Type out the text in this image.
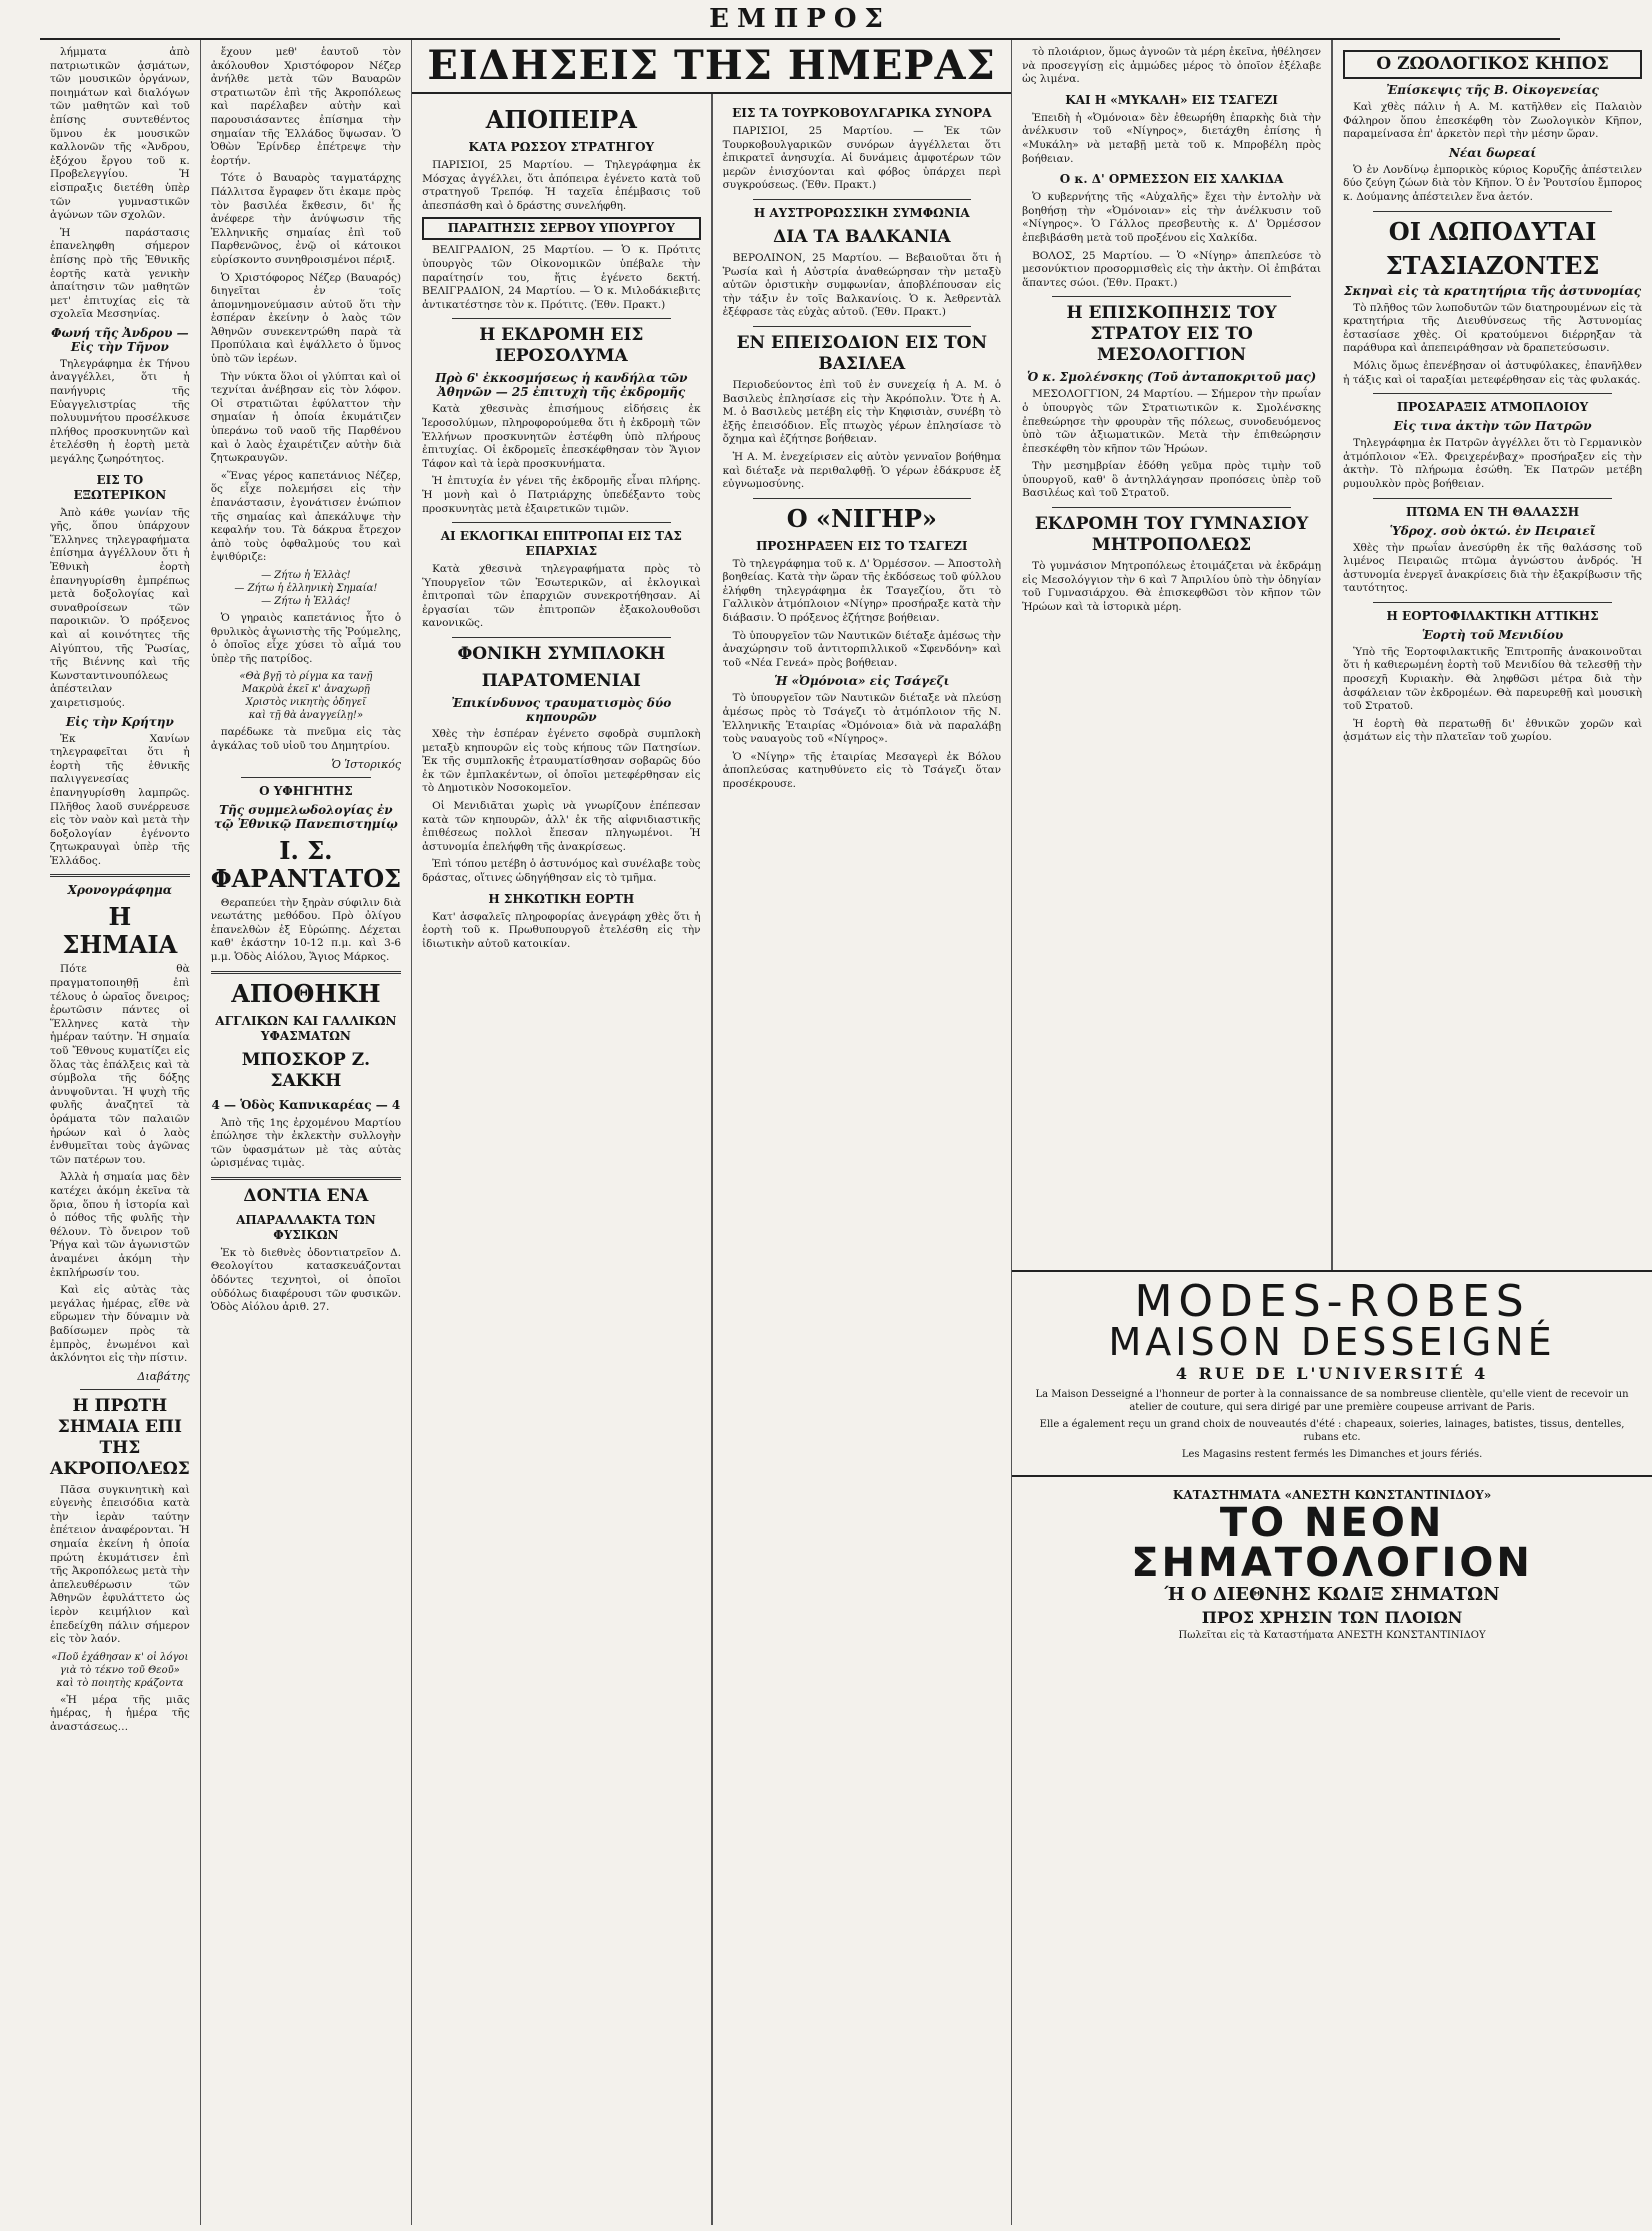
ΕΜΠΡΟΣ

λήμματα ἀπὸ πατριωτικῶν ᾀσμάτων, τῶν μουσικῶν ὀργάνων, ποιημάτων καὶ διαλόγων τῶν μαθητῶν καὶ τοῦ ἐπίσης συντεθέντος ὕμνου ἐκ μουσικῶν καλλονῶν τῆς «Ἀνδρου, ἐξόχου ἔργου τοῦ κ. Προβελεγγίου. Ἡ εἰσπραξις διετέθη ὑπὲρ τῶν γυμναστικῶν ἀγώνων τῶν σχολῶν.

Ἡ παράστασις ἐπανεληφθη σήμερον ἐπίσης πρὸ τῆς Ἐθνικῆς ἑορτῆς κατὰ γενικὴν ἀπαίτησιν τῶν μαθητῶν μετ' ἐπιτυχίας εἰς τὰ σχολεῖα Μεσσηνίας.

Φωνή τῆς Ἀνδρου — Εἰς τὴν Τῆνον

Τηλεγράφημα ἐκ Τήνου ἀναγγέλλει, ὅτι ἡ πανήγυρις τῆς Εὐαγγελιστρίας τῆς πολυυμνήτου προσέλκυσε πλήθος προσκυνητῶν καὶ ἐτελέσθη ἡ ἑορτὴ μετὰ μεγάλης ζωηρότητος.

ΕΙΣ ΤΟ ΕΞΩΤΕΡΙΚΟΝ

Ἀπὸ κάθε γωνίαν τῆς γῆς, ὅπου ὑπάρχουν Ἕλληνες τηλεγραφήματα ἐπίσημα ἀγγέλλουν ὅτι ἡ Ἐθνικὴ ἑορτὴ ἐπανηγυρίσθη ἐμπρέπως μετὰ δοξολογίας καὶ συναθροίσεων τῶν παροικιῶν. Ὁ πρόξενος καὶ αἱ κοινότητες τῆς Αἰγύπτου, τῆς Ῥωσίας, τῆς Βιέννης καὶ τῆς Κωνσταντινουπόλεως ἀπέστειλαν χαιρετισμούς.

Εἰς τὴν Κρήτην

Ἐκ Χανίων τηλεγραφεῖται ὅτι ἡ ἑορτὴ τῆς ἑθνικῆς παλιγγενεσίας ἐπανηγυρίσθη λαμπρῶς. Πλῆθος λαοῦ συνέρρευσε εἰς τὸν ναὸν καὶ μετὰ τὴν δοξολογίαν ἐγένοντο ζητωκραυγαὶ ὑπὲρ τῆς Ἑλλάδος.

Χρονογράφημα
Η ΣΗΜΑΙΑ

Πότε θὰ πραγματοποιηθῇ ἐπὶ τέλους ὁ ὡραῖος ὄνειρος; ἐρωτῶσιν πάντες οἱ Ἕλληνες κατὰ τὴν ἡμέραν ταύτην. Ἡ σημαία τοῦ Ἔθνους κυματίζει εἰς ὅλας τὰς ἐπάλξεις καὶ τὰ σύμβολα τῆς δόξης ἀνυψοῦνται. Ἡ ψυχὴ τῆς φυλῆς ἀναζητεῖ τὰ ὁράματα τῶν παλαιῶν ἡρώων καὶ ὁ λαὸς ἐνθυμεῖται τοὺς ἀγῶνας τῶν πατέρων του.

Ἀλλὰ ἡ σημαία μας δὲν κατέχει ἀκόμη ἐκεῖνα τὰ ὅρια, ὅπου ἡ ἱστορία καὶ ὁ πόθος τῆς φυλῆς τὴν θέλουν. Τὸ ὄνειρον τοῦ Ῥήγα καὶ τῶν ἀγωνιστῶν ἀναμένει ἀκόμη τὴν ἐκπλήρωσίν του.

Καὶ εἰς αὐτὰς τὰς μεγάλας ἡμέρας, εἴθε νὰ εὕρωμεν τὴν δύναμιν νὰ βαδίσωμεν πρὸς τὰ ἐμπρὸς, ἐνωμένοι καὶ ἀκλόνητοι εἰς τὴν πίστιν.

Διαβάτης
Η ΠΡΩΤΗ ΣΗΜΑΙΑ ΕΠΙ ΤΗΣ ΑΚΡΟΠΟΛΕΩΣ

Πᾶσα συγκινητικὴ καὶ εὐγενὴς ἐπεισόδια κατὰ τὴν ἱερὰν ταύτην ἐπέτειον ἀναφέρονται. Ἡ σημαία ἐκείνη ἡ ὁποία πρώτη ἐκυμάτισεν ἐπὶ τῆς Ἀκροπόλεως μετὰ τὴν ἀπελευθέρωσιν τῶν Ἀθηνῶν ἐφυλάττετο ὡς ἱερὸν κειμήλιον καὶ ἐπεδείχθη πάλιν σήμερον εἰς τὸν λαόν.

«Ποῦ ἐχάθησαν κ' οἱ λόγοι γιὰ τὸ τέκνο τοῦ Θεοῦ» καὶ τὸ ποιητὴς κράζοντα

«Ἡ μέρα τῆς μιᾶς ἡμέρας, ἡ ἡμέρα τῆς ἀναστάσεως…

ἔχουν μεθ' ἑαυτοῦ τὸν ἀκόλουθον Χριστόφορον Νέζερ ἀνήλθε μετὰ τῶν Βαυαρῶν στρατιωτῶν ἐπὶ τῆς Ἀκροπόλεως καὶ παρέλαβεν αὐτὴν καὶ παρουσιάσαντες ἐπίσημα τὴν σημαίαν τῆς Ἑλλάδος ὕψωσαν. Ὁ Ὀθὼν Ἐρίνδερ ἐπέτρεψε τὴν ἑορτήν.

Τότε ὁ Βαυαρὸς ταγματάρχης Πάλλιτσα ἔγραφεν ὅτι ἐκαμε πρὸς τὸν βασιλέα ἔκθεσιν, δι' ἧς ἀνέφερε τὴν ἀνύψωσιν τῆς Ἑλληνικῆς σημαίας ἐπὶ τοῦ Παρθενῶνος, ἐνῷ οἱ κάτοικοι εὑρίσκοντο συνηθροισμένοι πέριξ.

Ὁ Χριστόφορος Νέζερ (Βαυαρός) διηγεῖται ἐν τοῖς ἀπομνημονεύμασιν αὐτοῦ ὅτι τὴν ἑσπέραν ἐκείνην ὁ λαὸς τῶν Ἀθηνῶν συνεκεντρώθη παρὰ τὰ Προπύλαια καὶ ἐψάλλετο ὁ ὕμνος ὑπὸ τῶν ἱερέων.

Τὴν νύκτα ὅλοι οἱ γλύπται καὶ οἱ τεχνίται ἀνέβησαν εἰς τὸν λόφον. Οἱ στρατιῶται ἐφύλαττον τὴν σημαίαν ἡ ὁποία ἐκυμάτιζεν ὑπεράνω τοῦ ναοῦ τῆς Παρθένου καὶ ὁ λαὸς ἐχαιρέτιζεν αὐτὴν διὰ ζητωκραυγῶν.

«Ἕνας γέρος καπετάνιος Νέζερ, ὅς εἶχε πολεμήσει εἰς τὴν ἐπανάστασιν, ἐγονάτισεν ἐνώπιον τῆς σημαίας καὶ ἀπεκάλυψε τὴν κεφαλήν του. Τὰ δάκρυα ἔτρεχον ἀπὸ τοὺς ὀφθαλμούς του καὶ ἐψιθύριζε:

— Ζήτω ἡ Ἑλλὰς!
— Ζήτω ἡ ἑλληνικὴ Σημαία!
— Ζήτω ἡ Ἑλλάς!

Ὁ γηραιὸς καπετάνιος ἦτο ὁ θρυλικὸς ἀγωνιστὴς τῆς Ῥούμελης, ὁ ὁποῖος εἶχε χύσει τὸ αἷμά του ὑπὲρ τῆς πατρίδος.

«Θὰ βγῇ τὸ ρίγμα κα τανῇ
Μακρὺὰ ἐκεῖ κ' ἀναχωρῇ
Χριστὸς νικητὴς ὁδηγεῖ
καὶ τῇ θὰ ἀναγγείλῃ!»

παρέδωκε τὰ πνεῦμα εἰς τὰς ἀγκάλας τοῦ υἱοῦ του Δημητρίου.

Ὁ Ἱστορικός
Ο ΥΦΗΓΗΤΗΣ
Τῆς συμμελωδολογίας ἐν τῷ Ἐθνικῷ Πανεπιστημίῳ
Ι. Σ. ΦΑΡΑΝΤΑΤΟΣ

Θεραπεύει τὴν ξηρὰν σύφιλιν διὰ νεωτάτης μεθόδου. Πρὸ ὀλίγου ἐπανελθὼν ἐξ Εὐρώπης. Δέχεται καθ' ἑκάστην 10-12 π.μ. καὶ 3-6 μ.μ. Ὁδὸς Αἰόλου, Ἅγιος Μάρκος.

ΑΠΟΘΗΚΗ
ΑΓΓΛΙΚΩΝ ΚΑΙ ΓΑΛΛΙΚΩΝ ΥΦΑΣΜΑΤΩΝ
ΜΠΟΣΚΟΡ Ζ. ΣΑΚΚΗ
4 — Ὁδὸς Καπνικαρέας — 4

Ἀπὸ τῆς 1ης ἐρχομένου Μαρτίου ἐπώλησε τὴν ἐκλεκτὴν συλλογὴν τῶν ὑφασμάτων μὲ τὰς αὐτὰς ὡρισμένας τιμὰς.

ΔΟΝΤΙΑ ΕΝΑ
ΑΠΑΡΑΛΛΑΚΤΑ ΤΩΝ ΦΥΣΙΚΩΝ

Ἐκ τὸ διεθνὲς ὀδοντιατρεῖον Δ. Θεολογίτου κατασκευάζονται ὀδόντες τεχνητοὶ, οἱ ὁποῖοι οὐδόλως διαφέρουσι τῶν φυσικῶν. Ὁδὸς Αἰόλου ἀριθ. 27.

ΕΙΔΗΣΕΙΣ ΤΗΣ ΗΜΕΡΑΣ
ΑΠΟΠΕΙΡΑ
ΚΑΤΑ ΡΩΣΣΟΥ ΣΤΡΑΤΗΓΟΥ

ΠΑΡΙΣΙΟΙ, 25 Μαρτίου. — Τηλεγράφημα ἐκ Μόσχας ἀγγέλλει, ὅτι ἀπόπειρα ἐγένετο κατὰ τοῦ στρατηγοῦ Τρεπόφ. Ἡ ταχεῖα ἐπέμβασις τοῦ ἀπεσπάσθη καὶ ὁ δράστης συνελήφθη.

ΠΑΡΑΙΤΗΣΙΣ ΣΕΡΒΟΥ ΥΠΟΥΡΓΟΥ

ΒΕΛΙΓΡΑΔΙΟΝ, 25 Μαρτίου. — Ὁ κ. Πρότιτς ὑπουργὸς τῶν Οἰκονομικῶν ὑπέβαλε τὴν παραίτησίν του, ἥτις ἐγένετο δεκτή. ΒΕΛΙΓΡΑΔΙΟΝ, 24 Μαρτίου. — Ὁ κ. Μιλοδάκιεβιτς ἀντικατέστησε τὸν κ. Πρότιτς. (Ἐθν. Πρακτ.)

Η ΕΚΔΡΟΜΗ ΕΙΣ ΙΕΡΟΣΟΛΥΜΑ
Πρὸ 6' ἐκκοσμήσεως ἡ κανδήλα τῶν Ἀθηνῶν — 25 ἐπιτυχὴ τῆς ἐκδρομῆς

Κατὰ χθεσινὰς ἐπισήμους εἰδήσεις ἐκ Ἱεροσολύμων, πληροφορούμεθα ὅτι ἡ ἐκδρομὴ τῶν Ἑλλήνων προσκυνητῶν ἐστέφθη ὑπὸ πλήρους ἐπιτυχίας. Οἱ ἐκδρομεῖς ἐπεσκέφθησαν τὸν Ἅγιον Τάφον καὶ τὰ ἱερὰ προσκυνήματα.

Ἡ ἐπιτυχία ἐν γένει τῆς ἐκδρομῆς εἶναι πλήρης. Ἡ μονὴ καὶ ὁ Πατριάρχης ὑπεδέξαντο τοὺς προσκυνητὰς μετὰ ἐξαιρετικῶν τιμῶν.

ΑΙ ΕΚΛΟΓΙΚΑΙ ΕΠΙΤΡΟΠΑΙ ΕΙΣ ΤΑΣ ΕΠΑΡΧΙΑΣ

Κατὰ χθεσινὰ τηλεγραφήματα πρὸς τὸ Ὑπουργεῖον τῶν Ἐσωτερικῶν, αἱ ἐκλογικαὶ ἐπιτροπαὶ τῶν ἐπαρχιῶν συνεκροτήθησαν. Αἱ ἐργασίαι τῶν ἐπιτροπῶν ἐξακολουθοῦσι κανονικῶς.

ΦΟΝΙΚΗ ΣΥΜΠΛΟΚΗ
ΠΑΡΑΤΟΜΕΝΙΑΙ
Ἐπικίνδυνος τραυματισμὸς δύο κηπουρῶν

Χθὲς τὴν ἑσπέραν ἐγένετο σφοδρὰ συμπλοκὴ μεταξὺ κηπουρῶν εἰς τοὺς κήπους τῶν Πατησίων. Ἐκ τῆς συμπλοκῆς ἐτραυματίσθησαν σοβαρῶς δύο ἐκ τῶν ἐμπλακέντων, οἱ ὁποῖοι μετεφέρθησαν εἰς τὸ Δημοτικὸν Νοσοκομεῖον.

Οἱ Μενιδιᾶται χωρὶς νὰ γνωρίζουν ἐπέπεσαν κατὰ τῶν κηπουρῶν, ἀλλ' ἐκ τῆς αἰφνιδιαστικῆς ἐπιθέσεως πολλοὶ ἔπεσαν πληγωμένοι. Ἡ ἀστυνομία ἐπελήφθη τῆς ἀνακρίσεως.

Ἐπὶ τόπου μετέβη ὁ ἀστυνόμος καὶ συνέλαβε τοὺς δράστας, οἵτινες ὡδηγήθησαν εἰς τὸ τμῆμα.

Η ΣΗΚΩΤΙΚΗ ΕΟΡΤΗ

Κατ' ἀσφαλεῖς πληροφορίας ἀνεγράφη χθὲς ὅτι ἡ ἑορτὴ τοῦ κ. Πρωθυπουργοῦ ἐτελέσθη εἰς τὴν ἰδιωτικὴν αὐτοῦ κατοικίαν.

ΕΙΣ ΤΑ ΤΟΥΡΚΟΒΟΥΛΓΑΡΙΚΑ ΣΥΝΟΡΑ

ΠΑΡΙΣΙΟΙ, 25 Μαρτίου. — Ἐκ τῶν Τουρκοβουλγαρικῶν συνόρων ἀγγέλλεται ὅτι ἐπικρατεῖ ἀνησυχία. Αἱ δυνάμεις ἀμφοτέρων τῶν μερῶν ἐνισχύονται καὶ φόβος ὑπάρχει περὶ συγκρούσεως. (Ἐθν. Πρακτ.)

Η ΑΥΣΤΡΟΡΩΣΣΙΚΗ ΣΥΜΦΩΝΙΑ
ΔΙΑ ΤΑ ΒΑΛΚΑΝΙΑ

ΒΕΡΟΛΙΝΟΝ, 25 Μαρτίου. — Βεβαιοῦται ὅτι ἡ Ῥωσία καὶ ἡ Αὐστρία ἀναθεώρησαν τὴν μεταξὺ αὐτῶν ὁριστικὴν συμφωνίαν, ἀποβλέπουσαν εἰς τὴν τάξιν ἐν τοῖς Βαλκανίοις. Ὁ κ. Ἀεθρεντὰλ ἐξέφρασε τὰς εὐχὰς αὐτοῦ. (Ἐθν. Πρακτ.)

ΕΝ ΕΠΕΙΣΟΔΙΟΝ ΕΙΣ ΤΟΝ ΒΑΣΙΛΕΑ

Περιοδεύοντος ἐπὶ τοῦ ἐν συνεχείᾳ ἡ Α. Μ. ὁ Βασιλεὺς ἐπλησίασε εἰς τὴν Ἀκρόπολιν. Ὅτε ἡ Α. Μ. ὁ Βασιλεὺς μετέβη εἰς τὴν Κηφισιὰν, συνέβη τὸ ἐξῆς ἐπεισόδιον. Εἷς πτωχὸς γέρων ἐπλησίασε τὸ ὄχημα καὶ ἐζήτησε βοήθειαν.

Ἡ Α. Μ. ἐνεχείρισεν εἰς αὐτὸν γενναῖον βοήθημα καὶ διέταξε νὰ περιθαλφθῇ. Ὁ γέρων ἐδάκρυσε ἐξ εὐγνωμοσύνης.

Ο «ΝΙΓΗΡ»
ΠΡΟΣΗΡΑΞΕΝ ΕΙΣ ΤΟ ΤΣΑΓΕΖΙ

Τὸ τηλεγράφημα τοῦ κ. Δ' Ὀρμέσσον. — Ἀποστολὴ βοηθείας. Κατὰ τὴν ὥραν τῆς ἐκδόσεως τοῦ φύλλου ἐλήφθη τηλεγράφημα ἐκ Τσαγεζίου, ὅτι τὸ Γαλλικὸν ἀτμόπλοιον «Νίγηρ» προσήραξε κατὰ τὴν διάβασιν. Ὁ πρόξενος ἐζήτησε βοήθειαν.

Τὸ ὑπουργεῖον τῶν Ναυτικῶν διέταξε ἀμέσως τὴν ἀναχώρησιν τοῦ ἀντιτορπιλλικοῦ «Σφενδόνη» καὶ τοῦ «Νέα Γενεά» πρὸς βοήθειαν.

Ἡ «Ὀμόνοια» εἰς Τσάγεζι

Τὸ ὑπουργεῖον τῶν Ναυτικῶν διέταξε νὰ πλεύσῃ ἀμέσως πρὸς τὸ Τσάγεζι τὸ ἀτμόπλοιον τῆς Ν. Ἑλληνικῆς Ἑταιρίας «Ὀμόνοια» διὰ νὰ παραλάβῃ τοὺς ναυαγοὺς τοῦ «Νίγηρος».

Ὁ «Νίγηρ» τῆς ἑταιρίας Μεσαγερὶ ἐκ Βόλου ἀποπλεύσας κατηυθύνετο εἰς τὸ Τσάγεζι ὅταν προσέκρουσε.

τὸ πλοιάριον, ὅμως ἀγνοῶν τὰ μέρη ἐκεῖνα, ἠθέλησεν νὰ προσεγγίσῃ εἰς ἀμμώδες μέρος τὸ ὁποῖον ἐξέλαβε ὡς λιμένα.

ΚΑΙ Η «ΜΥΚΑΛΗ» ΕΙΣ ΤΣΑΓΕΖΙ

Ἐπειδὴ ἡ «Ὀμόνοια» δὲν ἐθεωρήθη ἐπαρκὴς διὰ τὴν ἀνέλκυσιν τοῦ «Νίγηρος», διετάχθη ἐπίσης ἡ «Μυκάλη» νὰ μεταβῇ μετὰ τοῦ κ. Μπροβέλη πρὸς βοήθειαν.

Ο κ. Δ' ΟΡΜΕΣΣΟΝ ΕΙΣ ΧΑΛΚΙΔΑ

Ὁ κυβερνήτης τῆς «Αὐχαλῆς» ἔχει τὴν ἐντολὴν νὰ βοηθήσῃ τὴν «Ὀμόνοιαν» εἰς τὴν ἀνέλκυσιν τοῦ «Νίγηρος». Ὁ Γάλλος πρεσβευτὴς κ. Δ' Ὀρμέσσον ἐπεβιβάσθη μετὰ τοῦ προξένου εἰς Χαλκίδα.

ΒΟΛΟΣ, 25 Μαρτίου. — Ὁ «Νίγηρ» ἀπεπλεύσε τὸ μεσονύκτιον προσορμισθεὶς εἰς τὴν ἀκτὴν. Οἱ ἐπιβάται ἅπαντες σώοι. (Ἐθν. Πρακτ.)

Η ΕΠΙΣΚΟΠΗΣΙΣ ΤΟΥ ΣΤΡΑΤΟΥ ΕΙΣ ΤΟ ΜΕΣΟΛΟΓΓΙΟΝ
Ὁ κ. Σμολένσκης (Τοῦ ἀνταποκριτοῦ μας)

ΜΕΣΟΛΟΓΓΙΟΝ, 24 Μαρτίου. — Σήμερον τὴν πρωΐαν ὁ ὑπουργὸς τῶν Στρατιωτικῶν κ. Σμολένσκης ἐπεθεώρησε τὴν φρουρὰν τῆς πόλεως, συνοδευόμενος ὑπὸ τῶν ἀξιωματικῶν. Μετὰ τὴν ἐπιθεώρησιν ἐπεσκέφθη τὸν κῆπον τῶν Ἡρώων.

Τὴν μεσημβρίαν ἐδόθη γεῦμα πρὸς τιμὴν τοῦ ὑπουργοῦ, καθ' ὃ ἀντηλλάγησαν προπόσεις ὑπὲρ τοῦ Βασιλέως καὶ τοῦ Στρατοῦ.

ΕΚΔΡΟΜΗ ΤΟΥ ΓΥΜΝΑΣΙΟΥ ΜΗΤΡΟΠΟΛΕΩΣ

Τὸ γυμνάσιον Μητροπόλεως ἐτοιμάζεται νὰ ἐκδράμῃ εἰς Μεσολόγγιον τὴν 6 καὶ 7 Ἀπριλίου ὑπὸ τὴν ὁδηγίαν τοῦ Γυμνασιάρχου. Θὰ ἐπισκεφθῶσι τὸν κῆπον τῶν Ἡρώων καὶ τὰ ἱστορικὰ μέρη.

Ο ΖΩΟΛΟΓΙΚΟΣ ΚΗΠΟΣ
Ἐπίσκεψις τῆς Β. Οἰκογενείας

Καὶ χθὲς πάλιν ἡ Α. Μ. κατῆλθεν εἰς Παλαιὸν Φάληρον ὅπου ἐπεσκέφθη τὸν Ζωολογικὸν Κῆπον, παραμείνασα ἐπ' ἀρκετὸν περὶ τὴν μέσην ὥραν.

Νέαι δωρεαί

Ὁ ἐν Λονδίνῳ ἐμπορικὸς κύριος Κορυζῆς ἀπέστειλεν δύο ζεύγη ζώων διὰ τὸν Κῆπον. Ὁ ἐν Ῥουτσίου ἔμπορος κ. Δούμανης ἀπέστειλεν ἕνα ἀετόν.

ΟΙ ΛΩΠΟΔΥΤΑΙ
ΣΤΑΣΙΑΖΟΝΤΕΣ
Σκηναὶ εἰς τὰ κρατητήρια τῆς ἀστυνομίας

Τὸ πλῆθος τῶν λωποδυτῶν τῶν διατηρουμένων εἰς τὰ κρατητήρια τῆς Διευθύνσεως τῆς Ἀστυνομίας ἐστασίασε χθὲς. Οἱ κρατούμενοι διέρρηξαν τὰ παράθυρα καὶ ἀπεπειράθησαν νὰ δραπετεύσωσιν.

Μόλις ὅμως ἐπενέβησαν οἱ ἀστυφύλακες, ἐπανῆλθεν ἡ τάξις καὶ οἱ ταραξίαι μετεφέρθησαν εἰς τὰς φυλακάς.

ΠΡΟΣΑΡΑΞΙΣ ΑΤΜΟΠΛΟΙΟΥ
Εἰς τινα ἀκτὴν τῶν Πατρῶν

Τηλεγράφημα ἐκ Πατρῶν ἀγγέλλει ὅτι τὸ Γερμανικὸν ἀτμόπλοιον «Ἐλ. Φρειχερένβαχ» προσήραξεν εἰς τὴν ἀκτὴν. Τὸ πλήρωμα ἐσώθη. Ἐκ Πατρῶν μετέβη ρυμουλκὸν πρὸς βοήθειαν.

ΠΤΩΜΑ ΕΝ ΤΗ ΘΑΛΑΣΣΗ
Ὑδροχ. σοὺ ὀκτώ. ἐν Πειραιεῖ

Χθὲς τὴν πρωΐαν ἀνεσύρθη ἐκ τῆς θαλάσσης τοῦ λιμένος Πειραιῶς πτῶμα ἀγνώστου ἀνδρός. Ἡ ἀστυνομία ἐνεργεῖ ἀνακρίσεις διὰ τὴν ἐξακρίβωσιν τῆς ταυτότητος.

Η ΕΟΡΤΟΦΙΛΑΚΤΙΚΗ ΑΤΤΙΚΗΣ
Ἑορτὴ τοῦ Μενιδίου

Ὑπὸ τῆς Ἑορτοφιλακτικῆς Ἐπιτροπῆς ἀνακοινοῦται ὅτι ἡ καθιερωμένη ἑορτὴ τοῦ Μενιδίου θὰ τελεσθῇ τὴν προσεχῆ Κυριακὴν. Θὰ ληφθῶσι μέτρα διὰ τὴν ἀσφάλειαν τῶν ἐκδρομέων. Θὰ παρευρεθῇ καὶ μουσικὴ τοῦ Στρατοῦ.

Ἡ ἑορτὴ θὰ περατωθῇ δι' ἐθνικῶν χορῶν καὶ ᾀσμάτων εἰς τὴν πλατεῖαν τοῦ χωρίου.

MODES-ROBES
MAISON DESSEIGNÉ
4 RUE DE L'UNIVERSITÉ 4

La Maison Desseigné a l'honneur de porter à la connaissance de sa nombreuse clientèle, qu'elle vient de recevoir un atelier de couture, qui sera dirigé par une première coupeuse arrivant de Paris.

Elle a également reçu un grand choix de nouveautés d'été : chapeaux, soieries, lainages, batistes, tissus, dentelles, rubans etc.

Les Magasins restent fermés les Dimanches et jours fériés.

ΚΑΤΑΣΤΗΜΑΤΑ «ΑΝΕΣΤΗ ΚΩΝΣΤΑΝΤΙΝΙΔΟΥ»
ΤΟ ΝΕΟΝ ΣΗΜΑΤΟΛΟΓΙΟΝ
Ή Ο ΔΙΕΘΝΗΣ ΚΩΔΙΞ ΣΗΜΑΤΩΝ
ΠΡΟΣ ΧΡΗΣΙΝ ΤΩΝ ΠΛΟΙΩΝ

Πωλεῖται εἰς τὰ Καταστήματα ΑΝΕΣΤΗ ΚΩΝΣΤΑΝΤΙΝΙΔΟΥ
